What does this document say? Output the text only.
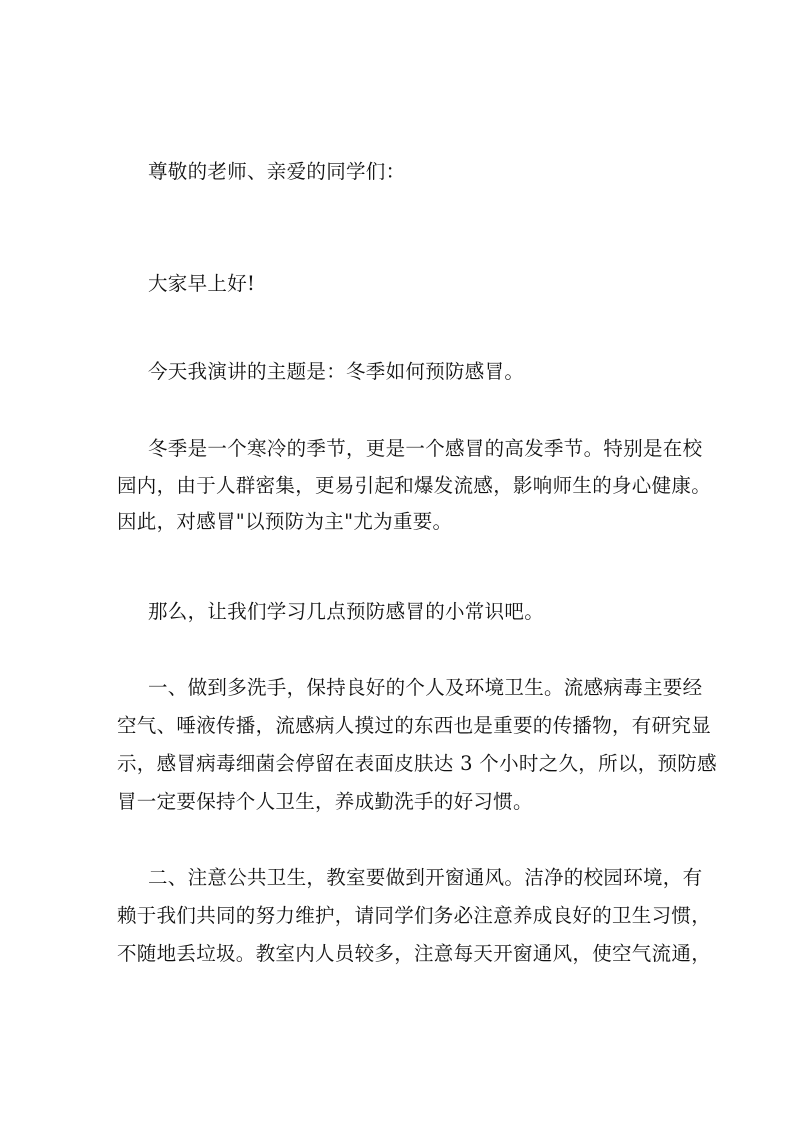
尊敬的老师、亲爱的同学们：
大家早上好!
今天我演讲的主题是：冬季如何预防感冒。
冬季是一个寒冷的季节，更是一个感冒的高发季节。特别是在校
园内，由于人群密集，更易引起和爆发流感，影响师生的身心健康。
因此，对感冒"以预防为主"尤为重要。
那么，让我们学习几点预防感冒的小常识吧。
一、做到多洗手，保持良好的个人及环境卫生。流感病毒主要经
空气、唾液传播，流感病人摸过的东西也是重要的传播物，有研究显
示，感冒病毒细菌会停留在表面皮肤达 3 个小时之久，所以，预防感
冒一定要保持个人卫生，养成勤洗手的好习惯。
二、注意公共卫生，教室要做到开窗通风。洁净的校园环境，有
赖于我们共同的努力维护，请同学们务必注意养成良好的卫生习惯，
不随地丢垃圾。教室内人员较多，注意每天开窗通风，使空气流通，
